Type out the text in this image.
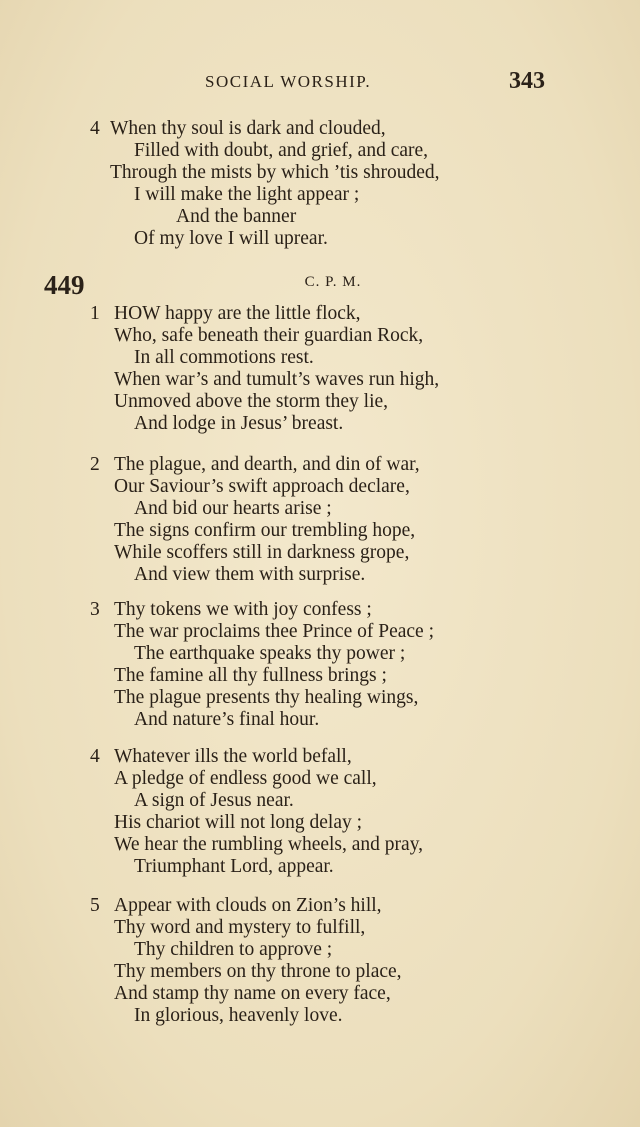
SOCIAL WORSHIP.	343
4 When thy soul is dark and clouded,
Filled with doubt, and grief, and care,
Through the mists by which ’tis shrouded,
I will make the light appear ;
And the banner
Of my love I will uprear.
449	C. P. M.
1 HOW happy are the little flock,
Who, safe beneath their guardian Rock,
In all commotions rest.
When war’s and tumult’s waves run high,
Unmoved above the storm they lie,
And lodge in Jesus’ breast.
2 The plague, and dearth, and din of war,
Our Saviour’s swift approach declare,
And bid our hearts arise ;
The signs confirm our trembling hope,
While scoffers still in darkness grope,
And view them with surprise.
3 Thy tokens we with joy confess ;
The war proclaims thee Prince of Peace ;
The earthquake speaks thy power ;
The famine all thy fullness brings ;
The plague presents thy healing wings,
And nature’s final hour.
4 Whatever ills the world befall,
A pledge of endless good we call,
A sign of Jesus near.
His chariot will not long delay ;
We hear the rumbling wheels, and pray,
Triumphant Lord, appear.
5 Appear with clouds on Zion’s hill,
Thy word and mystery to fulfill,
Thy children to approve ;
Thy members on thy throne to place,
And stamp thy name on every face,
In glorious, heavenly love.
